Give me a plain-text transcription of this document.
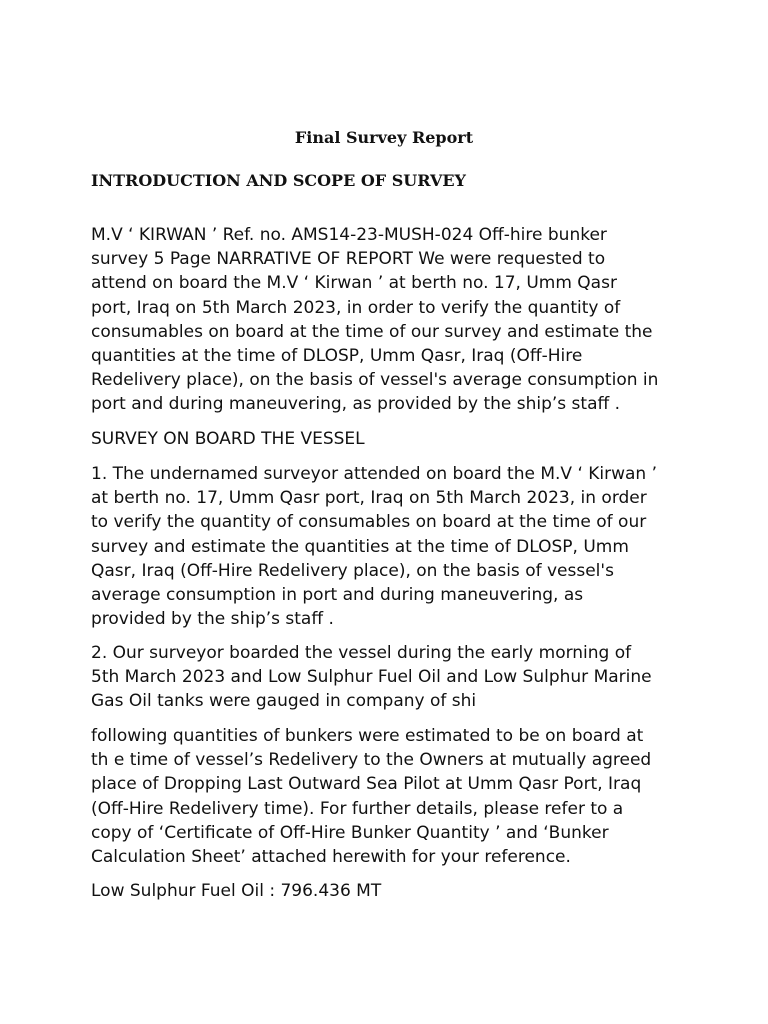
Final Survey Report
INTRODUCTION AND SCOPE OF SURVEY

M.V ‘ KIRWAN ’ Ref. no. AMS14-23-MUSH-024 Off-hire bunker
survey 5 Page NARRATIVE OF REPORT We were requested to
attend on board the M.V ‘ Kirwan ’ at berth no. 17, Umm Qasr
port, Iraq on 5th March 2023, in order to verify the quantity of
consumables on board at the time of our survey and estimate the
quantities at the time of DLOSP, Umm Qasr, Iraq (Off-Hire
Redelivery place), on the basis of vessel's average consumption in
port and during maneuvering, as provided by the ship’s staff .

SURVEY ON BOARD THE VESSEL

1. The undernamed surveyor attended on board the M.V ‘ Kirwan ’
at berth no. 17, Umm Qasr port, Iraq on 5th March 2023, in order
to verify the quantity of consumables on board at the time of our
survey and estimate the quantities at the time of DLOSP, Umm
Qasr, Iraq (Off-Hire Redelivery place), on the basis of vessel's
average consumption in port and during maneuvering, as
provided by the ship’s staff .

2. Our surveyor boarded the vessel during the early morning of
5th March 2023 and Low Sulphur Fuel Oil and Low Sulphur Marine
Gas Oil tanks were gauged in company of shi

following quantities of bunkers were estimated to be on board at
th e time of vessel’s Redelivery to the Owners at mutually agreed
place of Dropping Last Outward Sea Pilot at Umm Qasr Port, Iraq
(Off-Hire Redelivery time). For further details, please refer to a
copy of ‘Certificate of Off-Hire Bunker Quantity ’ and ‘Bunker
Calculation Sheet’ attached herewith for your reference.

Low Sulphur Fuel Oil : 796.436 MT
